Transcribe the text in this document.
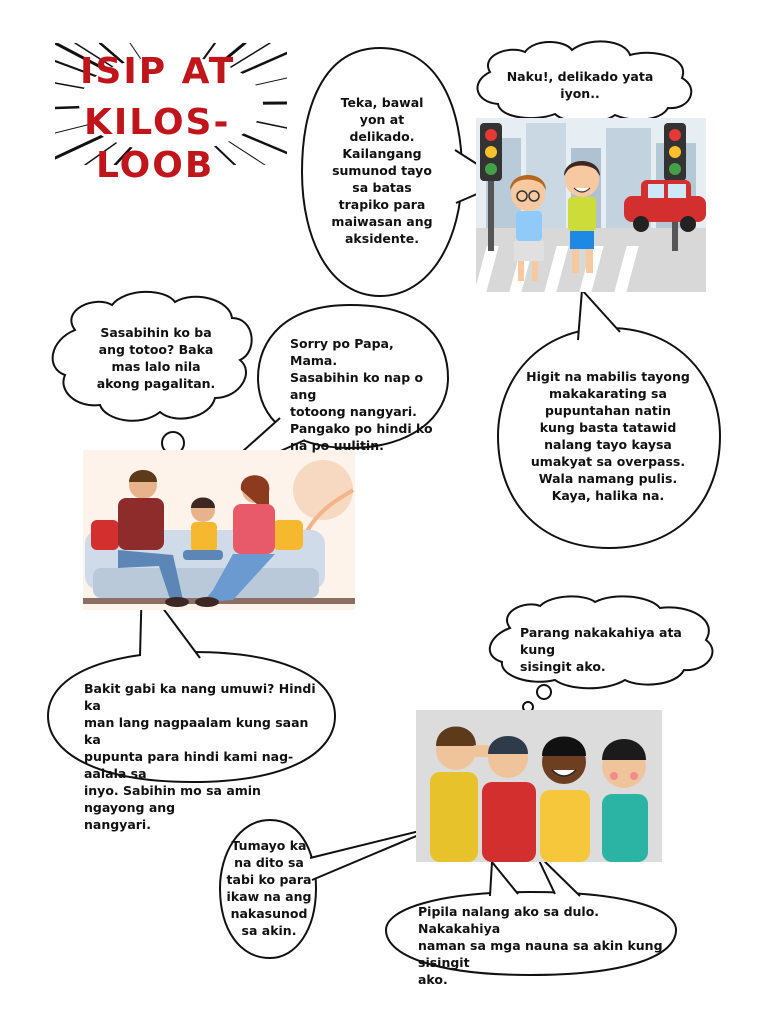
ISIP AT
KILOS-
LOOB
Teka, bawal
yon at
delikado.
Kailangang
sumunod tayo
sa batas
trapiko para
maiwasan ang
aksidente.
Naku!, delikado yata
iyon..
Higit na mabilis tayong
makakarating sa
pupuntahan natin
kung basta tatawid
nalang tayo kaysa
umakyat sa overpass.
Wala namang pulis.
Kaya, halika na.
Sasabihin ko ba
ang totoo? Baka
mas lalo nila
akong pagalitan.
Sorry po Papa, Mama.
Sasabihin ko nap o ang
totoong nangyari.
Pangako po hindi ko
na po uulitin.
Bakit gabi ka nang umuwi? Hindi ka
man lang nagpaalam kung saan ka
pupunta para hindi kami nag-aalala sa
inyo. Sabihin mo sa amin ngayong ang
nangyari.
Parang nakakahiya ata kung
sisingit ako.
Tumayo ka
na dito sa
tabi ko para
ikaw na ang
nakasunod
sa akin.
Pipila nalang ako sa dulo. Nakakahiya
naman sa mga nauna sa akin kung sisingit
ako.
